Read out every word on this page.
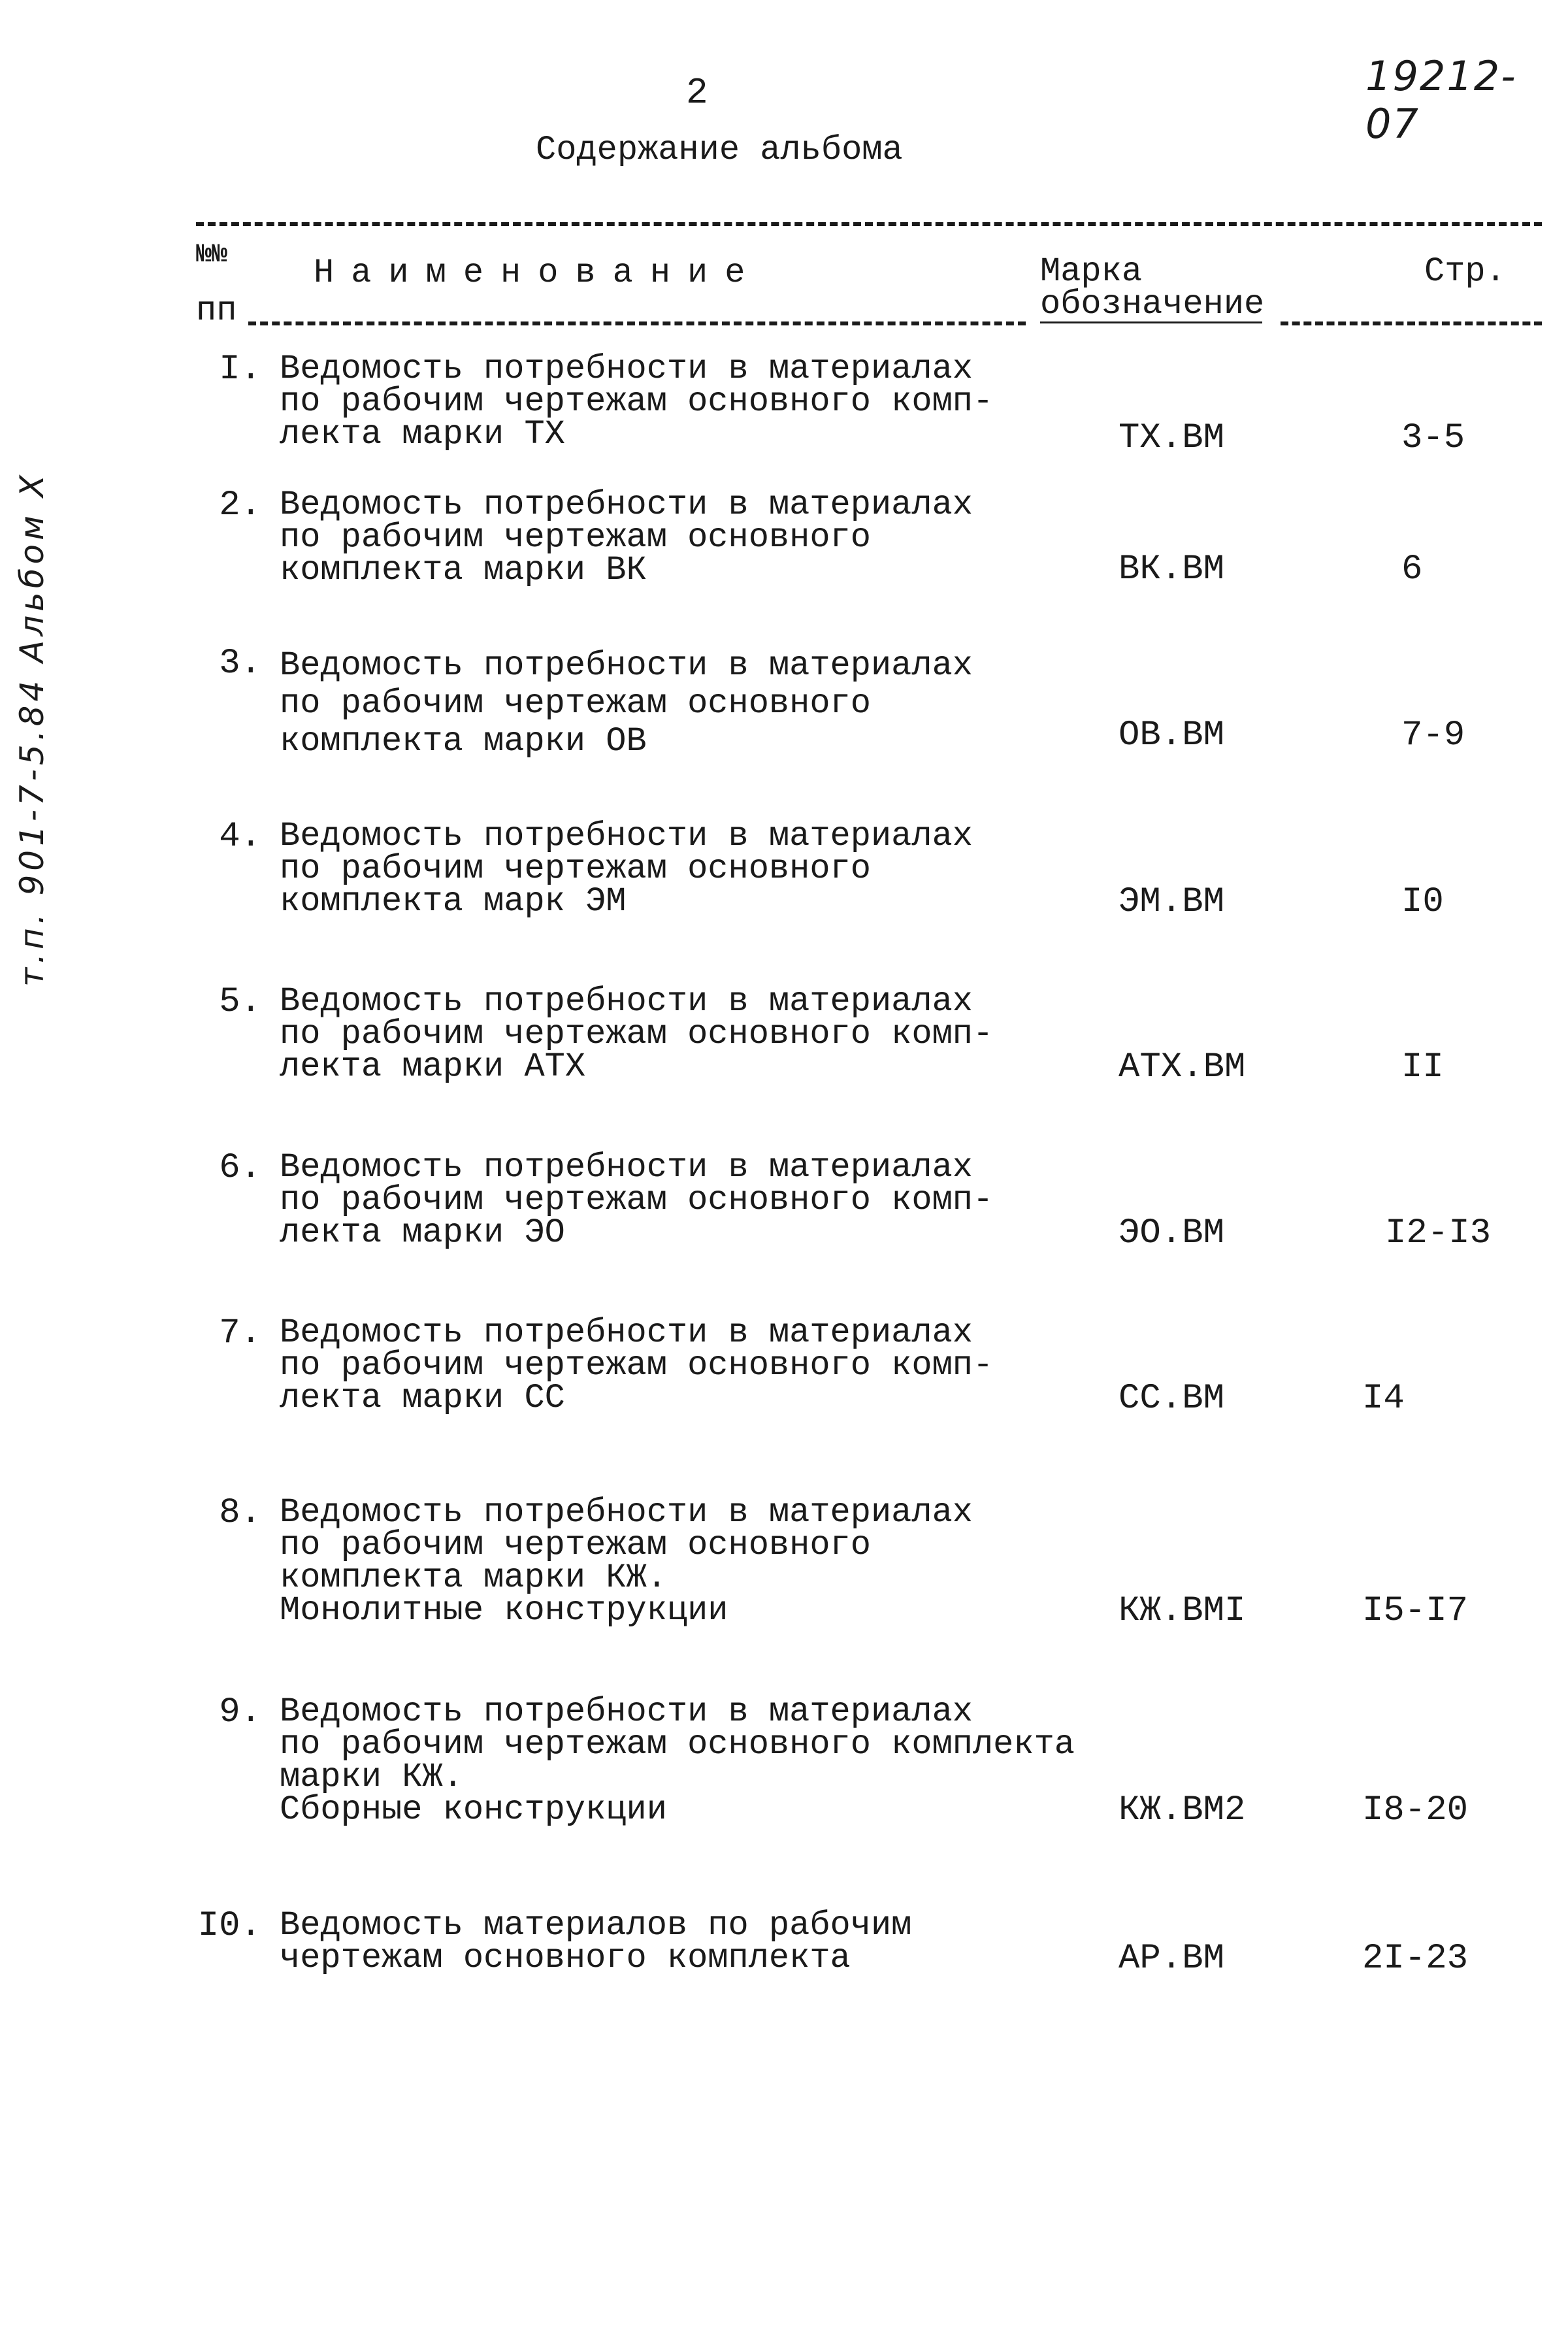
2	19212-07
Содержание альбома
т.п. 901-7-5.84 Альбом X
№№
пп
Наименование	Марка
обозначение
Стр.
I. Ведомость потребности в материалах
по рабочим чертежам основного комп-
лекта марки ТХ	ТХ.ВМ	3-5
2. Ведомость потребности в материалах
по рабочим чертежам основного
комплекта марки ВК	ВК.ВМ	6
3. Ведомость потребности в материалах
по рабочим чертежам основного
комплекта марки ОВ	ОВ.ВМ	7-9
4. Ведомость потребности в материалах
по рабочим чертежам основного
комплекта марк ЭМ	ЭМ.ВМ	I0
5. Ведомость потребности в материалах
по рабочим чертежам основного комп-
лекта марки АТХ	АТХ.ВМ	II
6. Ведомость потребности в материалах
по рабочим чертежам основного комп-
лекта марки ЭО	ЭО.ВМ	I2-I3
7. Ведомость потребности в материалах
по рабочим чертежам основного комп-
лекта марки СС	СС.ВМ	I4
8. Ведомость потребности в материалах
по рабочим чертежам основного
комплекта марки КЖ.
Монолитные конструкции	КЖ.ВМI	I5-I7
9. Ведомость потребности в материалах
по рабочим чертежам основного комплекта
марки КЖ.
Сборные конструкции	КЖ.ВМ2	I8-20
I0. Ведомость материалов по рабочим
чертежам основного комплекта	АР.ВМ	2I-23
